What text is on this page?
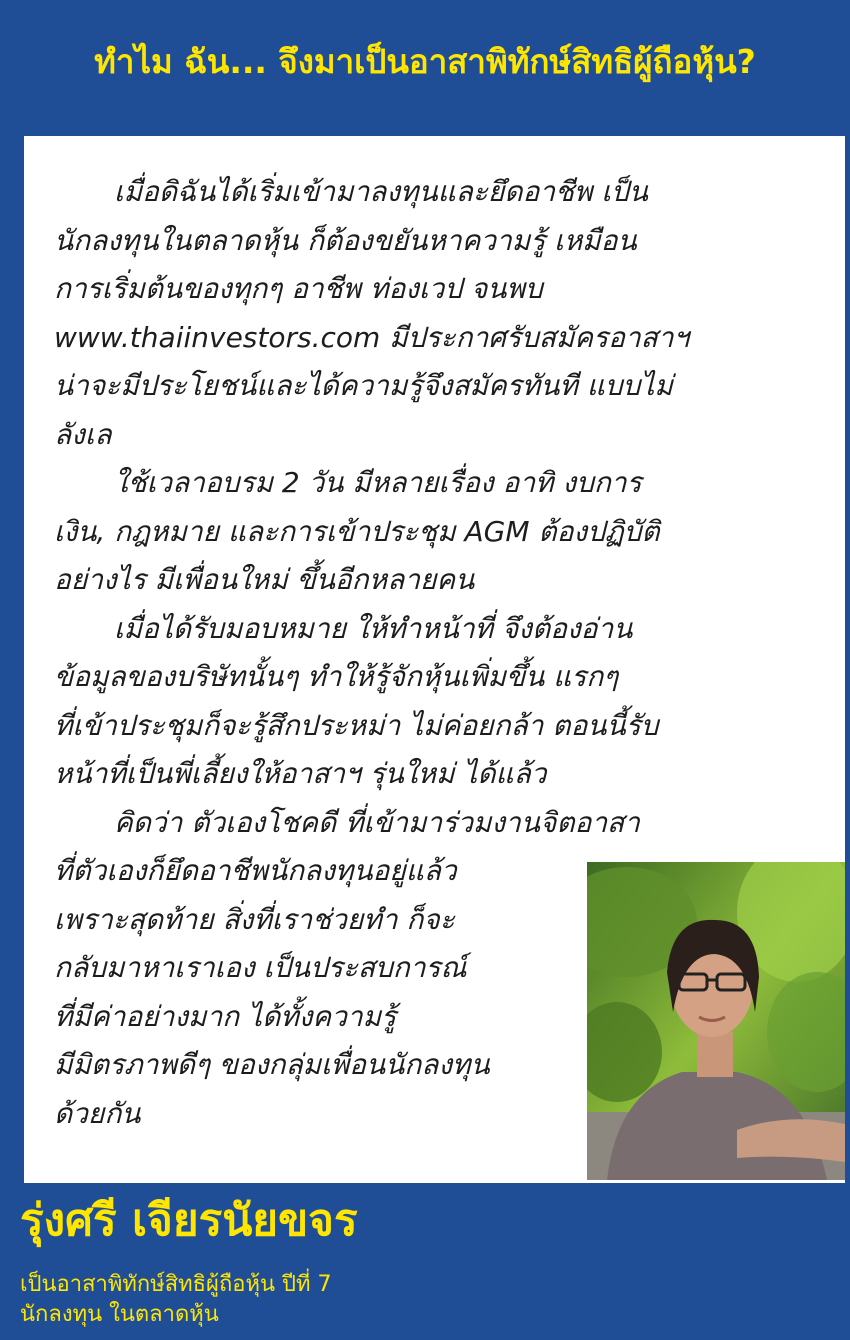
ทำไม ฉัน... จึงมาเป็นอาสาพิทักษ์สิทธิผู้ถือหุ้น?
เมื่อดิฉันได้เริ่มเข้ามาลงทุนและยึดอาชีพ เป็น
นักลงทุนในตลาดหุ้น ก็ต้องขยันหาความรู้ เหมือน
การเริ่มต้นของทุกๆ อาชีพ ท่องเวป จนพบ
www.thaiinvestors.com มีประกาศรับสมัครอาสาฯ
น่าจะมีประโยชน์และได้ความรู้จึงสมัครทันที แบบไม่
ลังเล
ใช้เวลาอบรม 2 วัน มีหลายเรื่อง อาทิ งบการ
เงิน, กฎหมาย และการเข้าประชุม AGM ต้องปฏิบัติ
อย่างไร มีเพื่อนใหม่ ขึ้นอีกหลายคน
เมื่อได้รับมอบหมาย ให้ทำหน้าที่ จึงต้องอ่าน
ข้อมูลของบริษัทนั้นๆ ทำให้รู้จักหุ้นเพิ่มขึ้น แรกๆ
ที่เข้าประชุมก็จะรู้สึกประหม่า ไม่ค่อยกล้า ตอนนี้รับ
หน้าที่เป็นพี่เลี้ยงให้อาสาฯ รุ่นใหม่ ได้แล้ว
คิดว่า ตัวเองโชคดี ที่เข้ามาร่วมงานจิตอาสา
ที่ตัวเองก็ยึดอาชีพนักลงทุนอยู่แล้ว
เพราะสุดท้าย สิ่งที่เราช่วยทำ ก็จะ
กลับมาหาเราเอง เป็นประสบการณ์
ที่มีค่าอย่างมาก ได้ทั้งความรู้
มีมิตรภาพดีๆ ของกลุ่มเพื่อนนักลงทุน
ด้วยกัน
รุ่งศรี เจียรนัยขจร
เป็นอาสาพิทักษ์สิทธิผู้ถือหุ้น ปีที่ 7
นักลงทุน ในตลาดหุ้น
